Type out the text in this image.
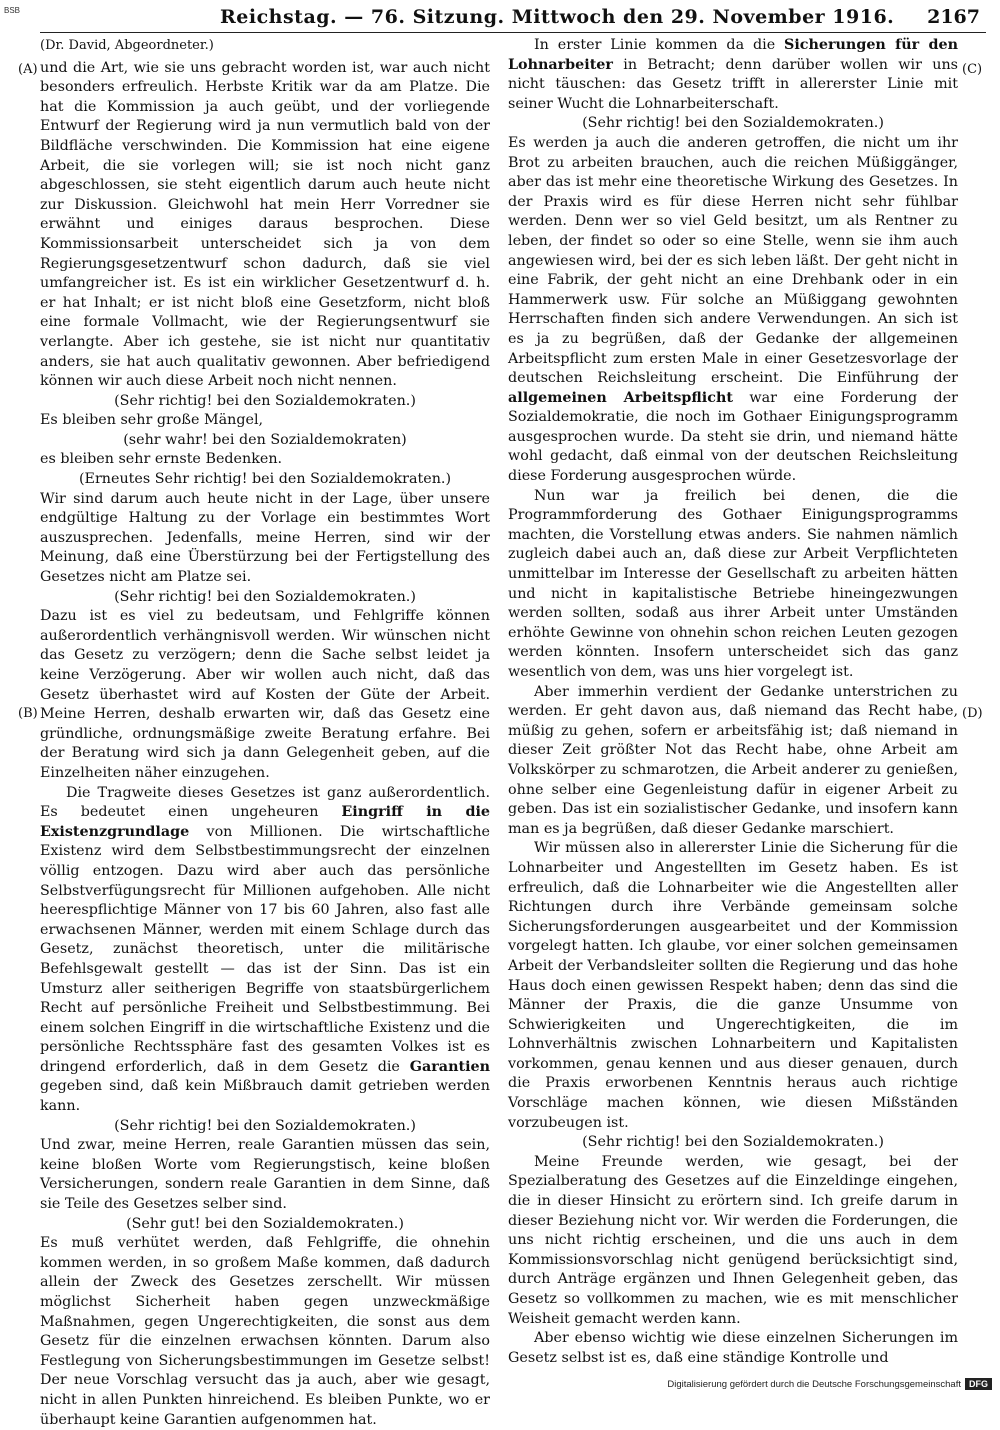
BSB	Reichstag. — 76. Sitzung. Mittwoch den 29. November 1916. 2167
(A)
(B)
(C)
(D)

(Dr. David, Abgeordneter.)

und die Art, wie sie uns gebracht worden ist, war auch nicht besonders erfreulich. Herbste Kritik war da am Platze. Die hat die Kommission ja auch geübt, und der vorliegende Entwurf der Regierung wird ja nun vermutlich bald von der Bildfläche verschwinden. Die Kommission hat eine eigene Arbeit, die sie vorlegen will; sie ist noch nicht ganz abgeschlossen, sie steht eigentlich darum auch heute nicht zur Diskussion. Gleichwohl hat mein Herr Vorredner sie erwähnt und einiges daraus besprochen. Diese Kommissionsarbeit unterscheidet sich ja von dem Regierungsgesetzentwurf schon dadurch, daß sie viel umfangreicher ist. Es ist ein wirklicher Gesetzentwurf d. h. er hat Inhalt; er ist nicht bloß eine Gesetzform, nicht bloß eine formale Vollmacht, wie der Regierungsentwurf sie verlangte. Aber ich gestehe, sie ist nicht nur quantitativ anders, sie hat auch qualitativ gewonnen. Aber befriedigend können wir auch diese Arbeit noch nicht nennen.

(Sehr richtig! bei den Sozialdemokraten.)

Es bleiben sehr große Mängel,

(sehr wahr! bei den Sozialdemokraten)

es bleiben sehr ernste Bedenken.

(Erneutes Sehr richtig! bei den Sozialdemokraten.)

Wir sind darum auch heute nicht in der Lage, über unsere endgültige Haltung zu der Vorlage ein bestimmtes Wort auszusprechen. Jedenfalls, meine Herren, sind wir der Meinung, daß eine Überstürzung bei der Fertigstellung des Gesetzes nicht am Platze sei.

(Sehr richtig! bei den Sozialdemokraten.)

Dazu ist es viel zu bedeutsam, und Fehlgriffe können außerordentlich verhängnisvoll werden. Wir wünschen nicht das Gesetz zu verzögern; denn die Sache selbst leidet ja keine Verzögerung. Aber wir wollen auch nicht, daß das Gesetz überhastet wird auf Kosten der Güte der Arbeit. Meine Herren, deshalb erwarten wir, daß das Gesetz eine gründliche, ordnungsmäßige zweite Beratung erfahre. Bei der Beratung wird sich ja dann Gelegenheit geben, auf die Einzelheiten näher einzugehen.

Die Tragweite dieses Gesetzes ist ganz außerordentlich. Es bedeutet einen ungeheuren Eingriff in die Existenzgrundlage von Millionen. Die wirtschaftliche Existenz wird dem Selbstbestimmungsrecht der einzelnen völlig entzogen. Dazu wird aber auch das persönliche Selbstverfügungsrecht für Millionen aufgehoben. Alle nicht heerespflichtige Männer von 17 bis 60 Jahren, also fast alle erwachsenen Männer, werden mit einem Schlage durch das Gesetz, zunächst theoretisch, unter die militärische Befehlsgewalt gestellt — das ist der Sinn. Das ist ein Umsturz aller seitherigen Begriffe von staatsbürgerlichem Recht auf persönliche Freiheit und Selbstbestimmung. Bei einem solchen Eingriff in die wirtschaftliche Existenz und die persönliche Rechtssphäre fast des gesamten Volkes ist es dringend erforderlich, daß in dem Gesetz die Garantien gegeben sind, daß kein Mißbrauch damit getrieben werden kann.

(Sehr richtig! bei den Sozialdemokraten.)

Und zwar, meine Herren, reale Garantien müssen das sein, keine bloßen Worte vom Regierungstisch, keine bloßen Versicherungen, sondern reale Garantien in dem Sinne, daß sie Teile des Gesetzes selber sind.

(Sehr gut! bei den Sozialdemokraten.)

Es muß verhütet werden, daß Fehlgriffe, die ohnehin kommen werden, in so großem Maße kommen, daß dadurch allein der Zweck des Gesetzes zerschellt. Wir müssen möglichst Sicherheit haben gegen unzweckmäßige Maßnahmen, gegen Ungerechtigkeiten, die sonst aus dem Gesetz für die einzelnen erwachsen könnten. Darum also Festlegung von Sicherungsbestimmungen im Gesetze selbst! Der neue Vorschlag versucht das ja auch, aber wie gesagt, nicht in allen Punkten hinreichend. Es bleiben Punkte, wo er überhaupt keine Garantien aufgenommen hat.

In erster Linie kommen da die Sicherungen für den Lohnarbeiter in Betracht; denn darüber wollen wir uns nicht täuschen: das Gesetz trifft in allererster Linie mit seiner Wucht die Lohnarbeiterschaft.

(Sehr richtig! bei den Sozialdemokraten.)

Es werden ja auch die anderen getroffen, die nicht um ihr Brot zu arbeiten brauchen, auch die reichen Müßiggänger, aber das ist mehr eine theoretische Wirkung des Gesetzes. In der Praxis wird es für diese Herren nicht sehr fühlbar werden. Denn wer so viel Geld besitzt, um als Rentner zu leben, der findet so oder so eine Stelle, wenn sie ihm auch angewiesen wird, bei der es sich leben läßt. Der geht nicht in eine Fabrik, der geht nicht an eine Drehbank oder in ein Hammerwerk usw. Für solche an Müßiggang gewohnten Herrschaften finden sich andere Verwendungen. An sich ist es ja zu begrüßen, daß der Gedanke der allgemeinen Arbeitspflicht zum ersten Male in einer Gesetzesvorlage der deutschen Reichsleitung erscheint. Die Einführung der allgemeinen Arbeitspflicht war eine Forderung der Sozialdemokratie, die noch im Gothaer Einigungsprogramm ausgesprochen wurde. Da steht sie drin, und niemand hätte wohl gedacht, daß einmal von der deutschen Reichsleitung diese Forderung ausgesprochen würde.

Nun war ja freilich bei denen, die die Programmforderung des Gothaer Einigungsprogramms machten, die Vorstellung etwas anders. Sie nahmen nämlich zugleich dabei auch an, daß diese zur Arbeit Verpflichteten unmittelbar im Interesse der Gesellschaft zu arbeiten hätten und nicht in kapitalistische Betriebe hineingezwungen werden sollten, sodaß aus ihrer Arbeit unter Umständen erhöhte Gewinne von ohnehin schon reichen Leuten gezogen werden könnten. Insofern unterscheidet sich das ganz wesentlich von dem, was uns hier vorgelegt ist.

Aber immerhin verdient der Gedanke unterstrichen zu werden. Er geht davon aus, daß niemand das Recht habe, müßig zu gehen, sofern er arbeitsfähig ist; daß niemand in dieser Zeit größter Not das Recht habe, ohne Arbeit am Volkskörper zu schmarotzen, die Arbeit anderer zu genießen, ohne selber eine Gegenleistung dafür in eigener Arbeit zu geben. Das ist ein sozialistischer Gedanke, und insofern kann man es ja begrüßen, daß dieser Gedanke marschiert.

Wir müssen also in allererster Linie die Sicherung für die Lohnarbeiter und Angestellten im Gesetz haben. Es ist erfreulich, daß die Lohnarbeiter wie die Angestellten aller Richtungen durch ihre Verbände gemeinsam solche Sicherungsforderungen ausgearbeitet und der Kommission vorgelegt hatten. Ich glaube, vor einer solchen gemeinsamen Arbeit der Verbandsleiter sollten die Regierung und das hohe Haus doch einen gewissen Respekt haben; denn das sind die Männer der Praxis, die die ganze Unsumme von Schwierigkeiten und Ungerechtigkeiten, die im Lohnverhältnis zwischen Lohnarbeitern und Kapitalisten vorkommen, genau kennen und aus dieser genauen, durch die Praxis erworbenen Kenntnis heraus auch richtige Vorschläge machen können, wie diesen Mißständen vorzubeugen ist.

(Sehr richtig! bei den Sozialdemokraten.)

Meine Freunde werden, wie gesagt, bei der Spezialberatung des Gesetzes auf die Einzeldinge eingehen, die in dieser Hinsicht zu erörtern sind. Ich greife darum in dieser Beziehung nicht vor. Wir werden die Forderungen, die uns nicht richtig erscheinen, und die uns auch in dem Kommissionsvorschlag nicht genügend berücksichtigt sind, durch Anträge ergänzen und Ihnen Gelegenheit geben, das Gesetz so vollkommen zu machen, wie es mit menschlicher Weisheit gemacht werden kann.

Aber ebenso wichtig wie diese einzelnen Sicherungen im Gesetz selbst ist es, daß eine ständige Kontrolle und

Digitalisierung gefördert durch die Deutsche Forschungsgemeinschaft DFG
